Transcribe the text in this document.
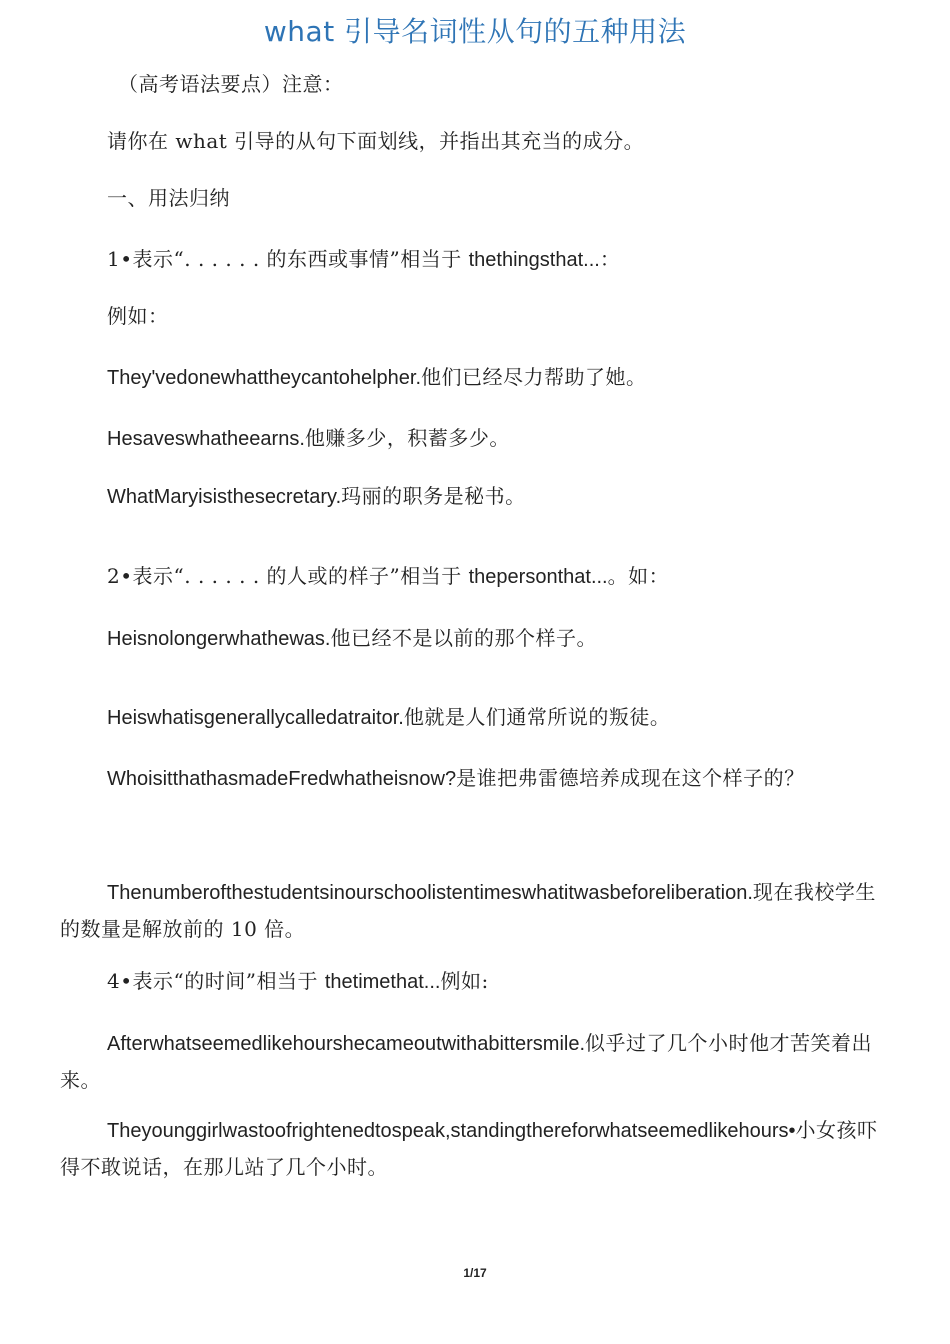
what 引导名词性从句的五种用法
（高考语法要点）注意：
请你在 what 引导的从句下面划线，并指出其充当的成分。
一、用法归纳
1•表示“. . . . . . 的东西或事情”相当于 thethingsthat...：
例如：
They'vedonewhattheycantohelpher.他们已经尽力帮助了她。
Hesaveswhatheearns.他赚多少，积蓄多少。
WhatMaryisisthesecretary.玛丽的职务是秘书。
2•表示“. . . . . . 的人或的样子”相当于 thepersonthat...。如：
Heisnolongerwhathewas.他已经不是以前的那个样子。
Heiswhatisgenerallycalledatraitor.他就是人们通常所说的叛徒。
WhoisitthathasmadeFredwhatheisnow?是谁把弗雷德培养成现在这个样子的？
Thenumberofthestudentsinourschoolistentimeswhatitwasbeforeliberation.现在我校学生的数量是解放前的 10 倍。
4•表示“的时间”相当于 thetimethat...例如:
Afterwhatseemedlikehourshecameoutwithabittersmile.似乎过了几个小时他才苦笑着出来。
Theyounggirlwastoofrightenedtospeak,standingthereforwhatseemedlikehours•小女孩吓得不敢说话，在那儿站了几个小时。
1/17
